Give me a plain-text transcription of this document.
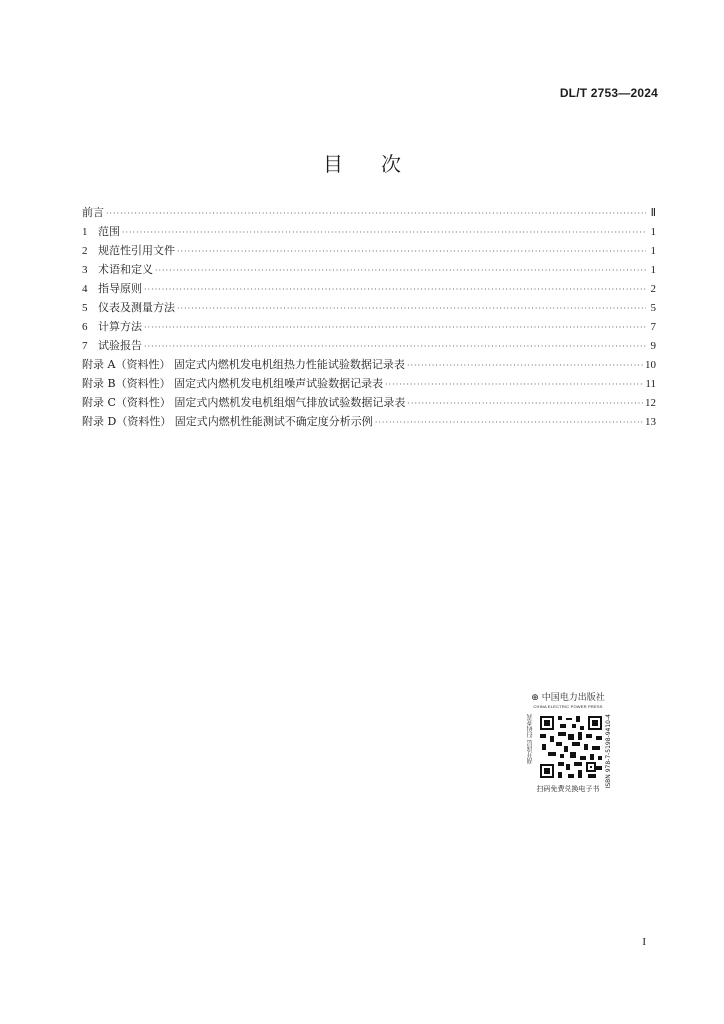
DL/T 2753—2024
目 次
前言 ·····	Ⅱ
1 范围 ·····	1
2 规范性引用文件 ·····	1
3 术语和定义 ·····	1
4 指导原则 ·····	2
5 仪表及测量方法 ·····	5
6 计算方法 ·····	7
7 试验报告 ·····	9
附录 A（资料性） 固定式内燃机发电机组热力性能试验数据记录表 ·····	10
附录 B（资料性） 固定式内燃机发电机组噪声试验数据记录表 ·····	11
附录 C（资料性） 固定式内燃机发电机组烟气排放试验数据记录表 ·····	12
附录 D（资料性） 固定式内燃机性能测试不确定度分析示例 ·····	13
⊕ 中国电力出版社
CHINA ELECTRIC POWER PRESS
刮开涂层 扫码查真	ISBN 978-7-5198-9410-4
扫码免费兑换电子书
I
